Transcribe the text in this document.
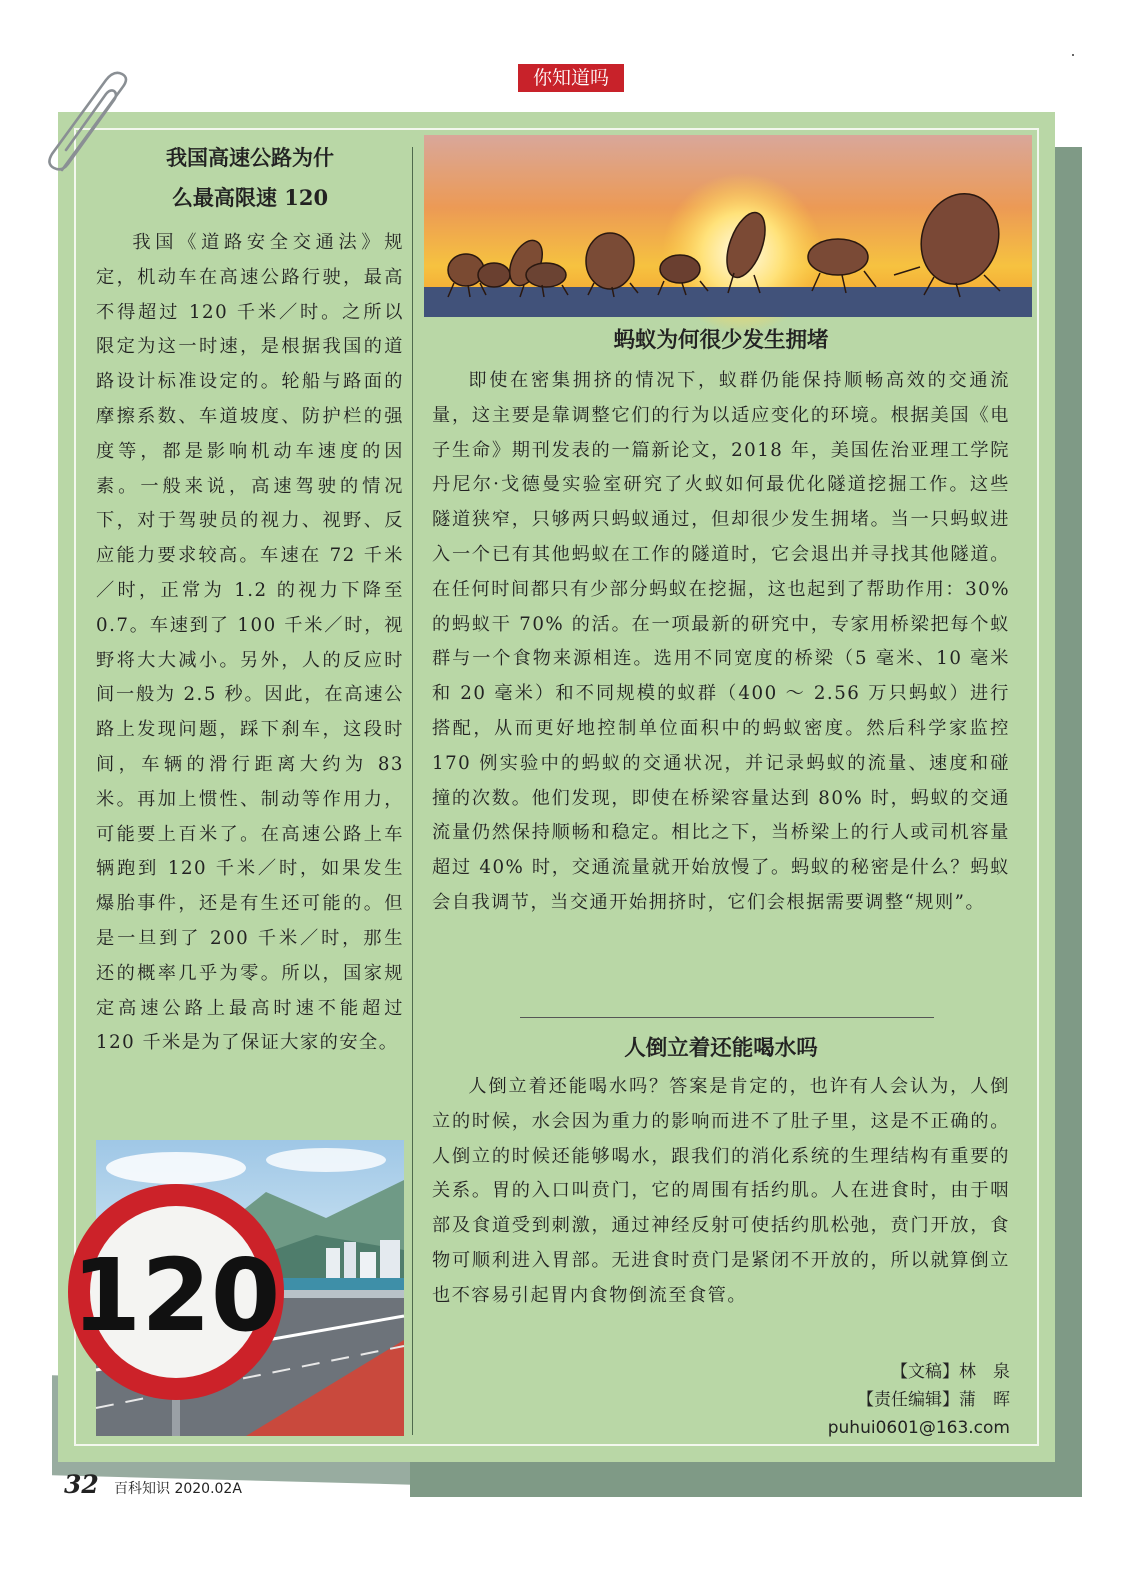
你知道吗
我国高速公路为什
么最高限速 120

我国《道路安全交通法》规定，机动车在高速公路行驶，最高不得超过 120 千米／时。之所以限定为这一时速，是根据我国的道路设计标准设定的。轮船与路面的摩擦系数、车道坡度、防护栏的强度等，都是影响机动车速度的因素。一般来说，高速驾驶的情况下，对于驾驶员的视力、视野、反应能力要求较高。车速在 72 千米／时，正常为 1.2 的视力下降至 0.7。车速到了 100 千米／时，视野将大大减小。另外，人的反应时间一般为 2.5 秒。因此，在高速公路上发现问题，踩下刹车，这段时间，车辆的滑行距离大约为 83 米。再加上惯性、制动等作用力，可能要上百米了。在高速公路上车辆跑到 120 千米／时，如果发生爆胎事件，还是有生还可能的。但是一旦到了 200 千米／时，那生还的概率几乎为零。所以，国家规定高速公路上最高时速不能超过 120 千米是为了保证大家的安全。

120
蚂蚁为何很少发生拥堵

即使在密集拥挤的情况下，蚁群仍能保持顺畅高效的交通流量，这主要是靠调整它们的行为以适应变化的环境。根据美国《电子生命》期刊发表的一篇新论文，2018 年，美国佐治亚理工学院丹尼尔·戈德曼实验室研究了火蚁如何最优化隧道挖掘工作。这些隧道狭窄，只够两只蚂蚁通过，但却很少发生拥堵。当一只蚂蚁进入一个已有其他蚂蚁在工作的隧道时，它会退出并寻找其他隧道。在任何时间都只有少部分蚂蚁在挖掘，这也起到了帮助作用：30% 的蚂蚁干 70% 的活。在一项最新的研究中，专家用桥梁把每个蚁群与一个食物来源相连。选用不同宽度的桥梁（5 毫米、10 毫米和 20 毫米）和不同规模的蚁群（400 ～ 2.56 万只蚂蚁）进行搭配，从而更好地控制单位面积中的蚂蚁密度。然后科学家监控 170 例实验中的蚂蚁的交通状况，并记录蚂蚁的流量、速度和碰撞的次数。他们发现，即使在桥梁容量达到 80% 时，蚂蚁的交通流量仍然保持顺畅和稳定。相比之下，当桥梁上的行人或司机容量超过 40% 时，交通流量就开始放慢了。蚂蚁的秘密是什么？蚂蚁会自我调节，当交通开始拥挤时，它们会根据需要调整“规则”。

人倒立着还能喝水吗

人倒立着还能喝水吗？答案是肯定的，也许有人会认为，人倒立的时候，水会因为重力的影响而进不了肚子里，这是不正确的。人倒立的时候还能够喝水，跟我们的消化系统的生理结构有重要的关系。胃的入口叫贲门，它的周围有括约肌。人在进食时，由于咽部及食道受到刺激，通过神经反射可使括约肌松弛，贲门开放，食物可顺利进入胃部。无进食时贲门是紧闭不开放的，所以就算倒立也不容易引起胃内食物倒流至食管。

【文稿】林　泉
【责任编辑】蒲　晖
puhui0601@163.com
32 百科知识 2020.02A
